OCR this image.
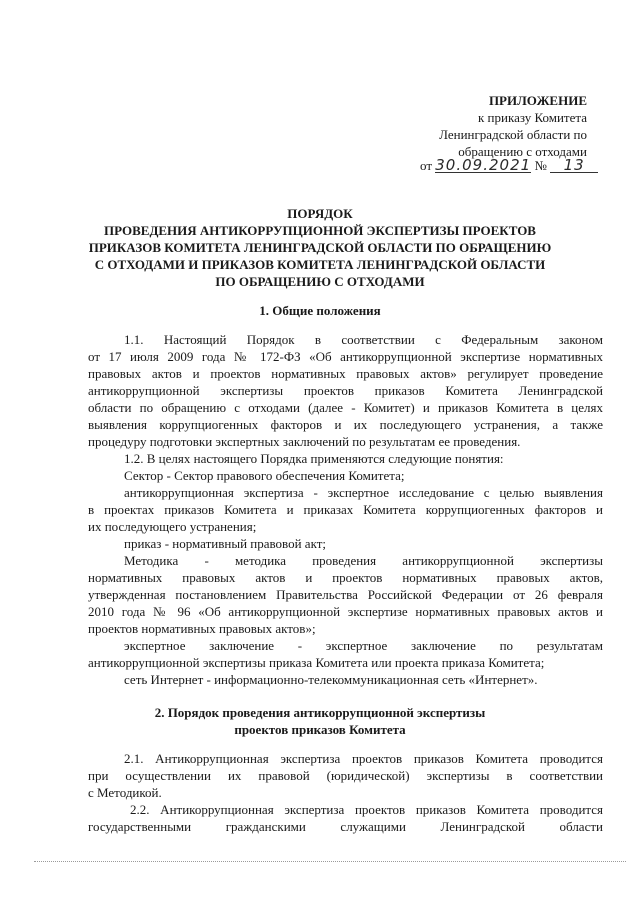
ПРИЛОЖЕНИЕ
к приказу Комитета
Ленинградской области по
обращению с отходами
от 30.09.2021 № 13
ПОРЯДОК
ПРОВЕДЕНИЯ АНТИКОРРУПЦИОННОЙ ЭКСПЕРТИЗЫ ПРОЕКТОВ
ПРИКАЗОВ КОМИТЕТА ЛЕНИНГРАДСКОЙ ОБЛАСТИ ПО ОБРАЩЕНИЮ
С ОТХОДАМИ И ПРИКАЗОВ КОМИТЕТА ЛЕНИНГРАДСКОЙ ОБЛАСТИ
ПО ОБРАЩЕНИЮ С ОТХОДАМИ
1. Общие положения
1.1. Настоящий Порядок в соответствии с Федеральным законом
от 17 июля 2009 года № 172-ФЗ «Об антикоррупционной экспертизе нормативных
правовых актов и проектов нормативных правовых актов» регулирует проведение
антикоррупционной экспертизы проектов приказов Комитета Ленинградской
области по обращению с отходами (далее - Комитет) и приказов Комитета в целях
выявления коррупциогенных факторов и их последующего устранения, а также
процедуру подготовки экспертных заключений по результатам ее проведения.
1.2. В целях настоящего Порядка применяются следующие понятия:
Сектор - Сектор правового обеспечения Комитета;
антикоррупционная экспертиза - экспертное исследование с целью выявления
в проектах приказов Комитета и приказах Комитета коррупциогенных факторов и
их последующего устранения;
приказ - нормативный правовой акт;
Методика - методика проведения антикоррупционной экспертизы
нормативных правовых актов и проектов нормативных правовых актов,
утвержденная постановлением Правительства Российской Федерации от 26 февраля
2010 года № 96 «Об антикоррупционной экспертизе нормативных правовых актов и
проектов нормативных правовых актов»;
экспертное заключение - экспертное заключение по результатам
антикоррупционной экспертизы приказа Комитета или проекта приказа Комитета;
сеть Интернет - информационно-телекоммуникационная сеть «Интернет».
2. Порядок проведения антикоррупционной экспертизы
проектов приказов Комитета
2.1. Антикоррупционная экспертиза проектов приказов Комитета проводится
при осуществлении их правовой (юридической) экспертизы в соответствии
с Методикой.
2.2. Антикоррупционная экспертиза проектов приказов Комитета проводится
государственными гражданскими служащими Ленинградской области
